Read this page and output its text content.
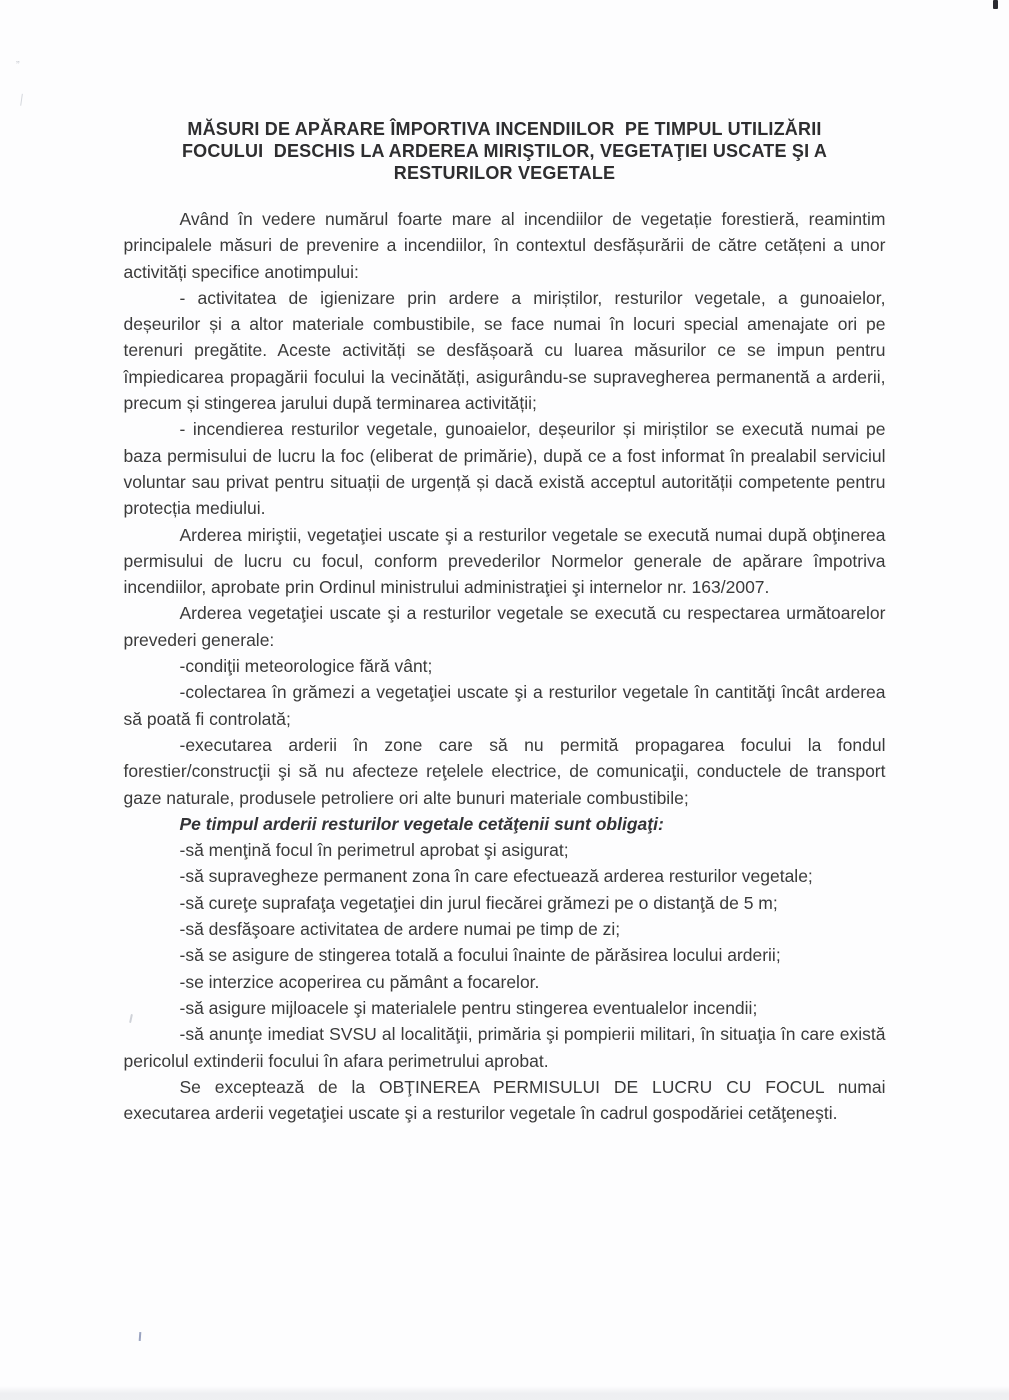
„
MĂSURI DE APĂRARE ÎMPORTIVA INCENDIILOR  PE TIMPUL UTILIZĂRII
FOCULUI  DESCHIS LA ARDEREA MIRIŞTILOR, VEGETAŢIEI USCATE ŞI A
RESTURILOR VEGETALE

Având în vedere numărul foarte mare al incendiilor de vegetație forestieră, reamintim principalele măsuri de prevenire a incendiilor, în contextul desfășurării de către cetățeni a unor activități specifice anotimpului:

- activitatea de igienizare prin ardere a miriștilor, resturilor vegetale, a gunoaielor, deșeurilor și a altor materiale combustibile, se face numai în locuri special amenajate ori pe terenuri pregătite. Aceste activități se desfășoară cu luarea măsurilor ce se impun pentru împiedicarea propagării focului la vecinătăți, asigurându-se supravegherea permanentă a arderii, precum și stingerea jarului după terminarea activității;

- incendierea resturilor vegetale, gunoaielor, deșeurilor și miriștilor se execută numai pe baza permisului de lucru la foc (eliberat de primărie), după ce a fost informat în prealabil serviciul voluntar sau privat pentru situații de urgență și dacă există acceptul autorității competente pentru protecția mediului.

Arderea miriştii, vegetaţiei uscate şi a resturilor vegetale se execută numai după obţinerea permisului de lucru cu focul, conform prevederilor Normelor generale de apărare împotriva incendiilor, aprobate prin Ordinul ministrului administraţiei şi internelor nr. 163/2007.

Arderea vegetaţiei uscate şi a resturilor vegetale se execută cu respectarea următoarelor prevederi generale:

-condiţii meteorologice fără vânt;

-colectarea în grămezi a vegetaţiei uscate şi a resturilor vegetale în cantităţi încât arderea să poată fi controlată;

-executarea arderii în zone care să nu permită propagarea focului la fondul forestier/construcţii şi să nu afecteze reţelele electrice, de comunicaţii, conductele de transport gaze naturale, produsele petroliere ori alte bunuri materiale combustibile;

Pe timpul arderii resturilor vegetale cetăţenii sunt obligaţi:

-să menţină focul în perimetrul aprobat şi asigurat;

-să supravegheze permanent zona în care efectuează arderea resturilor vegetale;

-să cureţe suprafaţa vegetaţiei din jurul fiecărei grămezi pe o distanţă de 5 m;

-să desfăşoare activitatea de ardere numai pe timp de zi;

-să se asigure de stingerea totală a focului înainte de părăsirea locului arderii;

-se interzice acoperirea cu pământ a focarelor.

-să asigure mijloacele şi materialele pentru stingerea eventualelor incendii;

-să anunţe imediat SVSU al localităţii, primăria şi pompierii militari, în situaţia în care există pericolul extinderii focului în afara perimetrului aprobat.

Se exceptează de la OBŢINEREA PERMISULUI DE LUCRU CU FOCUL numai executarea arderii vegetaţiei uscate şi a resturilor vegetale în cadrul gospodăriei cetăţeneşti.
